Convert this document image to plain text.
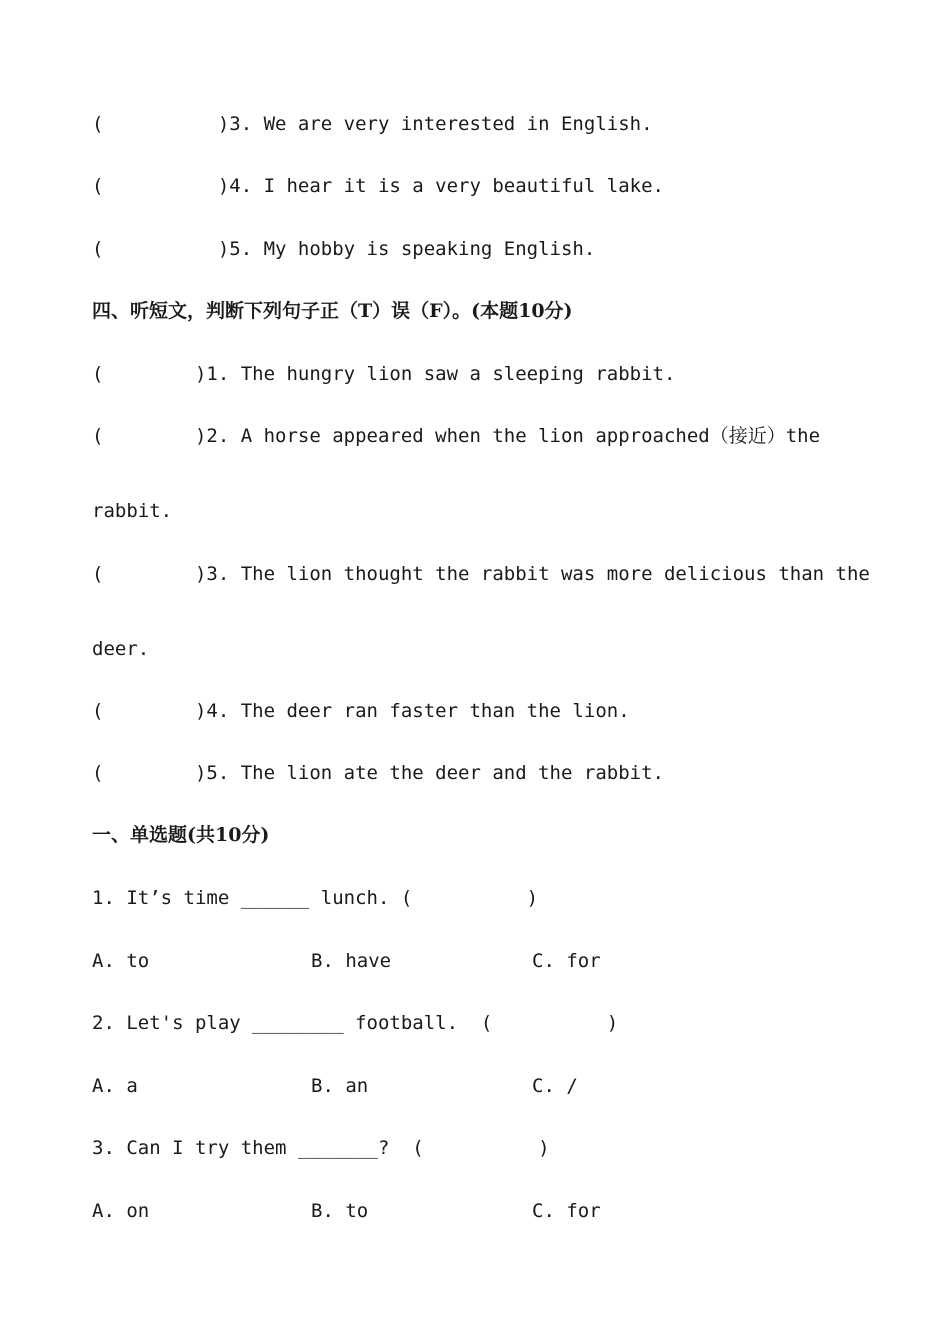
(          )3. We are very interested in English.
(          )4. I hear it is a very beautiful lake.
(          )5. My hobby is speaking English.
四、听短文，判断下列句子正（T）误（F）。(本题10分)
(        )1. The hungry lion saw a sleeping rabbit.
(        )2. A horse appeared when the lion approached（接近）the
rabbit.
(        )3. The lion thought the rabbit was more delicious than the
deer.
(        )4. The deer ran faster than the lion.
(        )5. The lion ate the deer and the rabbit.
一、单选题(共10分)
1. It’s time ______ lunch. (          )
A. to	B. have	C. for
2. Let's play ________ football.  (          )
A. a	B. an	C. /
3. Can I try them _______?  (          )
A. on	B. to	C. for
